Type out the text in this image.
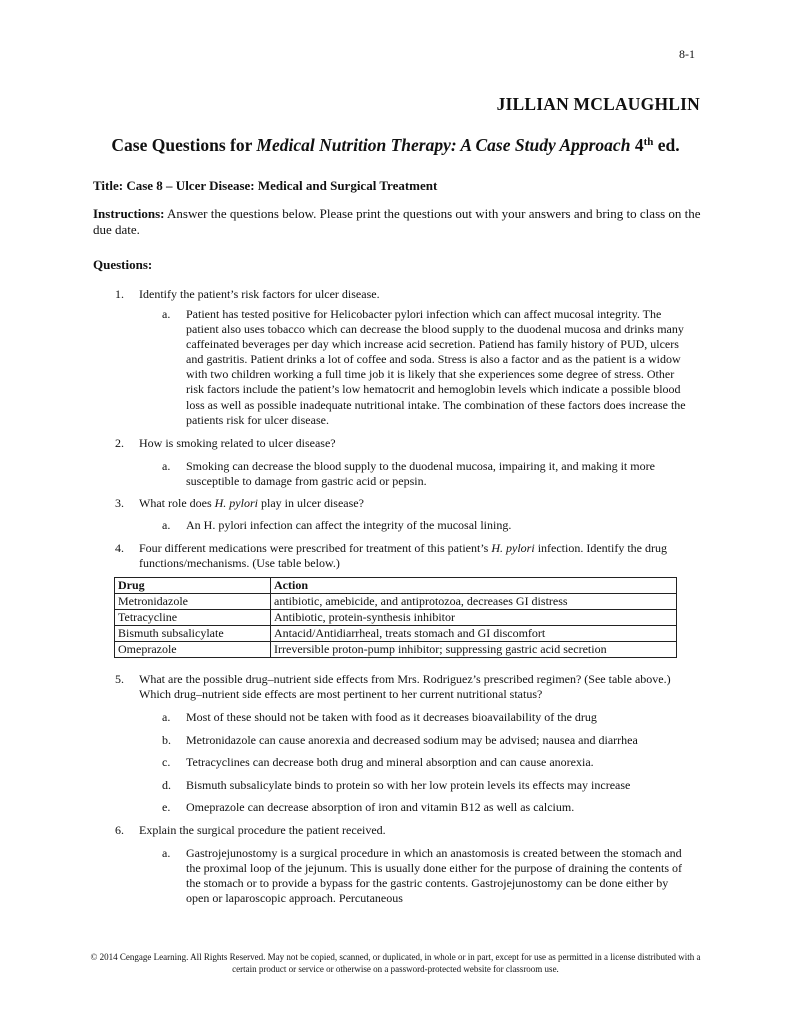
8-1
JILLIAN MCLAUGHLIN
Case Questions for Medical Nutrition Therapy: A Case Study Approach 4th ed.
Title: Case 8 – Ulcer Disease: Medical and Surgical Treatment
Instructions: Answer the questions below. Please print the questions out with your answers and bring to class on the due date.
Questions:
1. Identify the patient’s risk factors for ulcer disease.
a. Patient has tested positive for Helicobacter pylori infection which can affect mucosal integrity. The patient also uses tobacco which can decrease the blood supply to the duodenal mucosa and drinks many caffeinated beverages per day which increase acid secretion. Patiend has family history of PUD, ulcers and gastritis. Patient drinks a lot of coffee and soda. Stress is also a factor and as the patient is a widow with two children working a full time job it is likely that she experiences some degree of stress. Other risk factors include the patient’s low hematocrit and hemoglobin levels which indicate a possible blood loss as well as possible inadequate nutritional intake. The combination of these factors does increase the patients risk for ulcer disease.
2. How is smoking related to ulcer disease?
a. Smoking can decrease the blood supply to the duodenal mucosa, impairing it, and making it more susceptible to damage from gastric acid or pepsin.
3. What role does H. pylori play in ulcer disease?
a. An H. pylori infection can affect the integrity of the mucosal lining.
4. Four different medications were prescribed for treatment of this patient’s H. pylori infection. Identify the drug functions/mechanisms. (Use table below.)
Drug	Action
Metronidazole	antibiotic, amebicide, and antiprotozoa, decreases GI distress
Tetracycline	Antibiotic, protein-synthesis inhibitor
Bismuth subsalicylate	Antacid/Antidiarrheal, treats stomach and GI discomfort
Omeprazole	Irreversible proton-pump inhibitor; suppressing gastric acid secretion
5. What are the possible drug–nutrient side effects from Mrs. Rodriguez’s prescribed regimen? (See table above.) Which drug–nutrient side effects are most pertinent to her current nutritional status?
a. Most of these should not be taken with food as it decreases bioavailability of the drug
b. Metronidazole can cause anorexia and decreased sodium may be advised; nausea and diarrhea
c. Tetracyclines can decrease both drug and mineral absorption and can cause anorexia.
d. Bismuth subsalicylate binds to protein so with her low protein levels its effects may increase
e. Omeprazole can decrease absorption of iron and vitamin B12 as well as calcium.
6. Explain the surgical procedure the patient received.
a. Gastrojejunostomy is a surgical procedure in which an anastomosis is created between the stomach and the proximal loop of the jejunum. This is usually done either for the purpose of draining the contents of the stomach or to provide a bypass for the gastric contents. Gastrojejunostomy can be done either by open or laparoscopic approach. Percutaneous
© 2014 Cengage Learning. All Rights Reserved. May not be copied, scanned, or duplicated, in whole or in part, except for use as permitted in a license distributed with a certain product or service or otherwise on a password-protected website for classroom use.
